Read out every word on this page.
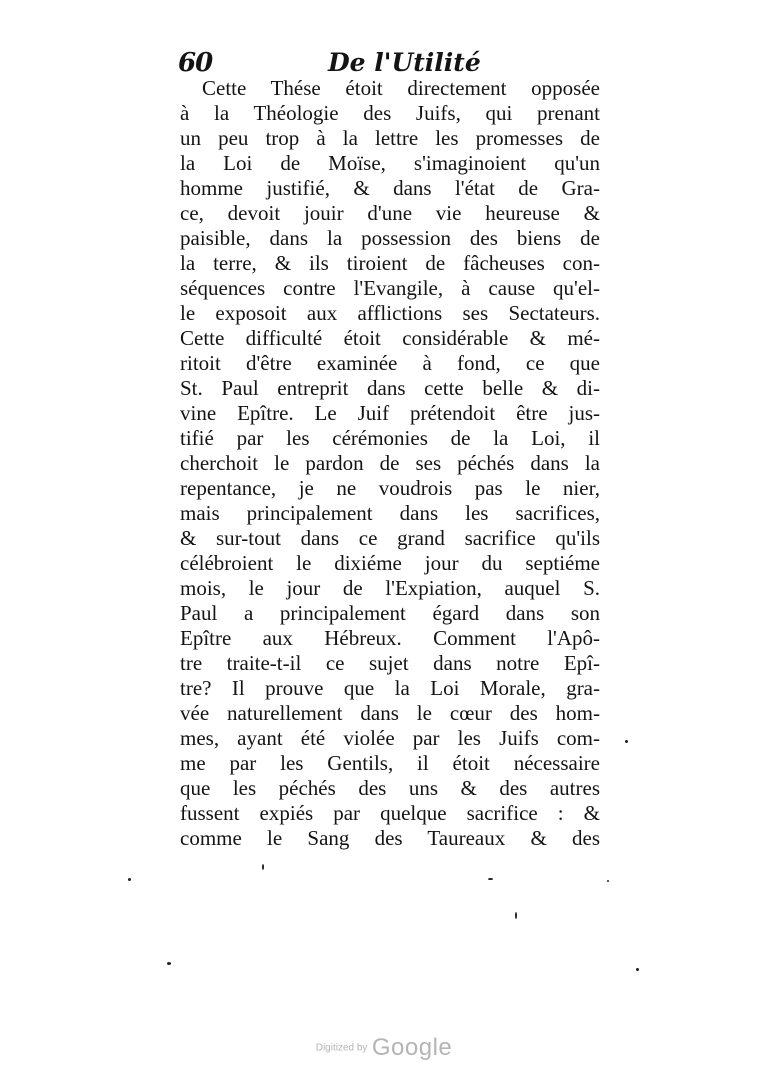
60	De l'Utilité
Cette Thése étoit directement opposée
à la Théologie des Juifs, qui prenant
un peu trop à la lettre les promesses de
la Loi de Moïse, s'imaginoient qu'un
homme justifié, & dans l'état de Gra-
ce, devoit jouir d'une vie heureuse &
paisible, dans la possession des biens de
la terre, & ils tiroient de fâcheuses con-
séquences contre l'Evangile, à cause qu'el-
le exposoit aux afflictions ses Sectateurs.
Cette difficulté étoit considérable & mé-
ritoit d'être examinée à fond, ce que
St. Paul entreprit dans cette belle & di-
vine Epître. Le Juif prétendoit être jus-
tifié par les cérémonies de la Loi, il
cherchoit le pardon de ses péchés dans la
repentance, je ne voudrois pas le nier,
mais principalement dans les sacrifices,
& sur-tout dans ce grand sacrifice qu'ils
célébroient le dixiéme jour du septiéme
mois, le jour de l'Expiation, auquel S.
Paul a principalement égard dans son
Epître aux Hébreux. Comment l'Apô-
tre traite-t-il ce sujet dans notre Epî-
tre? Il prouve que la Loi Morale, gra-
vée naturellement dans le cœur des hom-
mes, ayant été violée par les Juifs com-
me par les Gentils, il étoit nécessaire
que les péchés des uns & des autres
fussent expiés par quelque sacrifice : &
comme le Sang des Taureaux & des
Digitized by Google
